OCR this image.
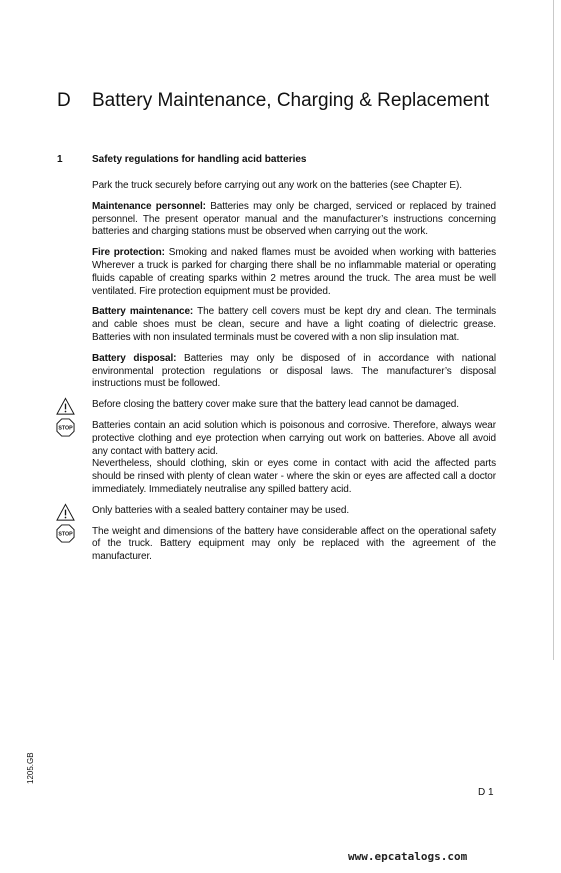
D Battery Maintenance, Charging & Replacement
1	Safety regulations for handling acid batteries

Park the truck securely before carrying out any work on the batteries (see Chapter E).

Maintenance personnel: Batteries may only be charged, serviced or replaced by trained personnel. The present operator manual and the manufacturer’s instructions concerning batteries and charging stations must be observed when carrying out the work.

Fire protection: Smoking and naked flames must be avoided when working with batteries Wherever a truck is parked for charging there shall be no inflammable material or operating fluids capable of creating sparks within 2 metres around the truck. The area must be well ventilated. Fire protection equipment must be provided.

Battery maintenance: The battery cell covers must be kept dry and clean. The terminals and cable shoes must be clean, secure and have a light coating of dielectric grease. Batteries with non insulated terminals must be covered with a non slip insulation mat.

Battery disposal: Batteries may only be disposed of in accordance with national environmental protection regulations or disposal laws. The manufacturer’s disposal instructions must be followed.

Before closing the battery cover make sure that the battery lead cannot be damaged.

STOP Batteries contain an acid solution which is poisonous and corrosive. Therefore, always wear protective clothing and eye protection when carrying out work on batteries. Above all avoid any contact with battery acid.

Nevertheless, should clothing, skin or eyes come in contact with acid the affected parts should be rinsed with plenty of clean water - where the skin or eyes are affected call a doctor immediately. Immediately neutralise any spilled battery acid.

Only batteries with a sealed battery container may be used.

STOP The weight and dimensions of the battery have considerable affect on the operational safety of the truck. Battery equipment may only be replaced with the agreement of the manufacturer.

1205.GB
D 1
www.epcatalogs.com
